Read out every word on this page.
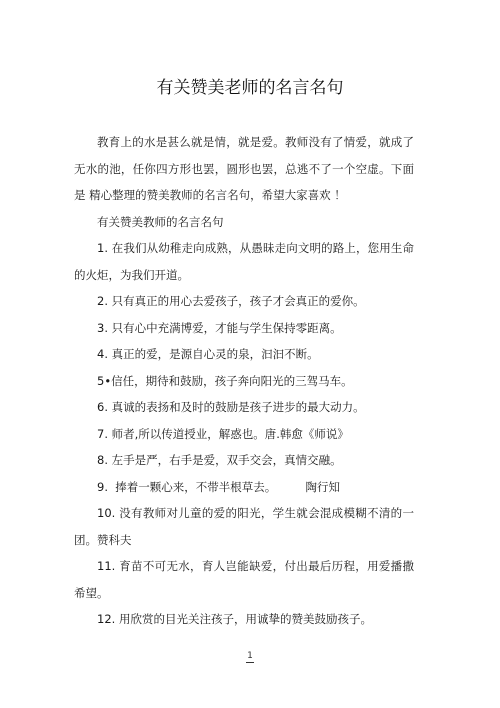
有关赞美老师的名言名句

教育上的水是甚么就是情，就是爱。教师没有了情爱，就成了无水的池，任你四方形也罢，圆形也罢，总逃不了一个空虚。下面是 精心整理的赞美教师的名言名句，希望大家喜欢 ！

有关赞美教师的名言名句

1. 在我们从幼稚走向成熟，从愚昧走向文明的路上，您用生命的火炬，为我们开道。

2. 只有真正的用心去爱孩子，孩子才会真正的爱你。

3. 只有心中充满博爱，才能与学生保持零距离。

4. 真正的爱，是源自心灵的泉，汩汩不断。

5•信任，期待和鼓励，孩子奔向阳光的三驾马车。

6. 真诚的表扬和及时的鼓励是孩子进步的最大动力。

7. 师者,所以传道授业，解惑也。唐.韩愈《师说》

8. 左手是严，右手是爱，双手交会，真情交融。

9.  捧着一颗心来，不带半根草去。        陶行知

10. 没有教师对儿童的爱的阳光，学生就会混成模糊不清的一团。赞科夫

11. 育苗不可无水，育人岂能缺爱，付出最后历程，用爱播撒希望。

12. 用欣赏的目光关注孩子，用诚挚的赞美鼓励孩子。

1
